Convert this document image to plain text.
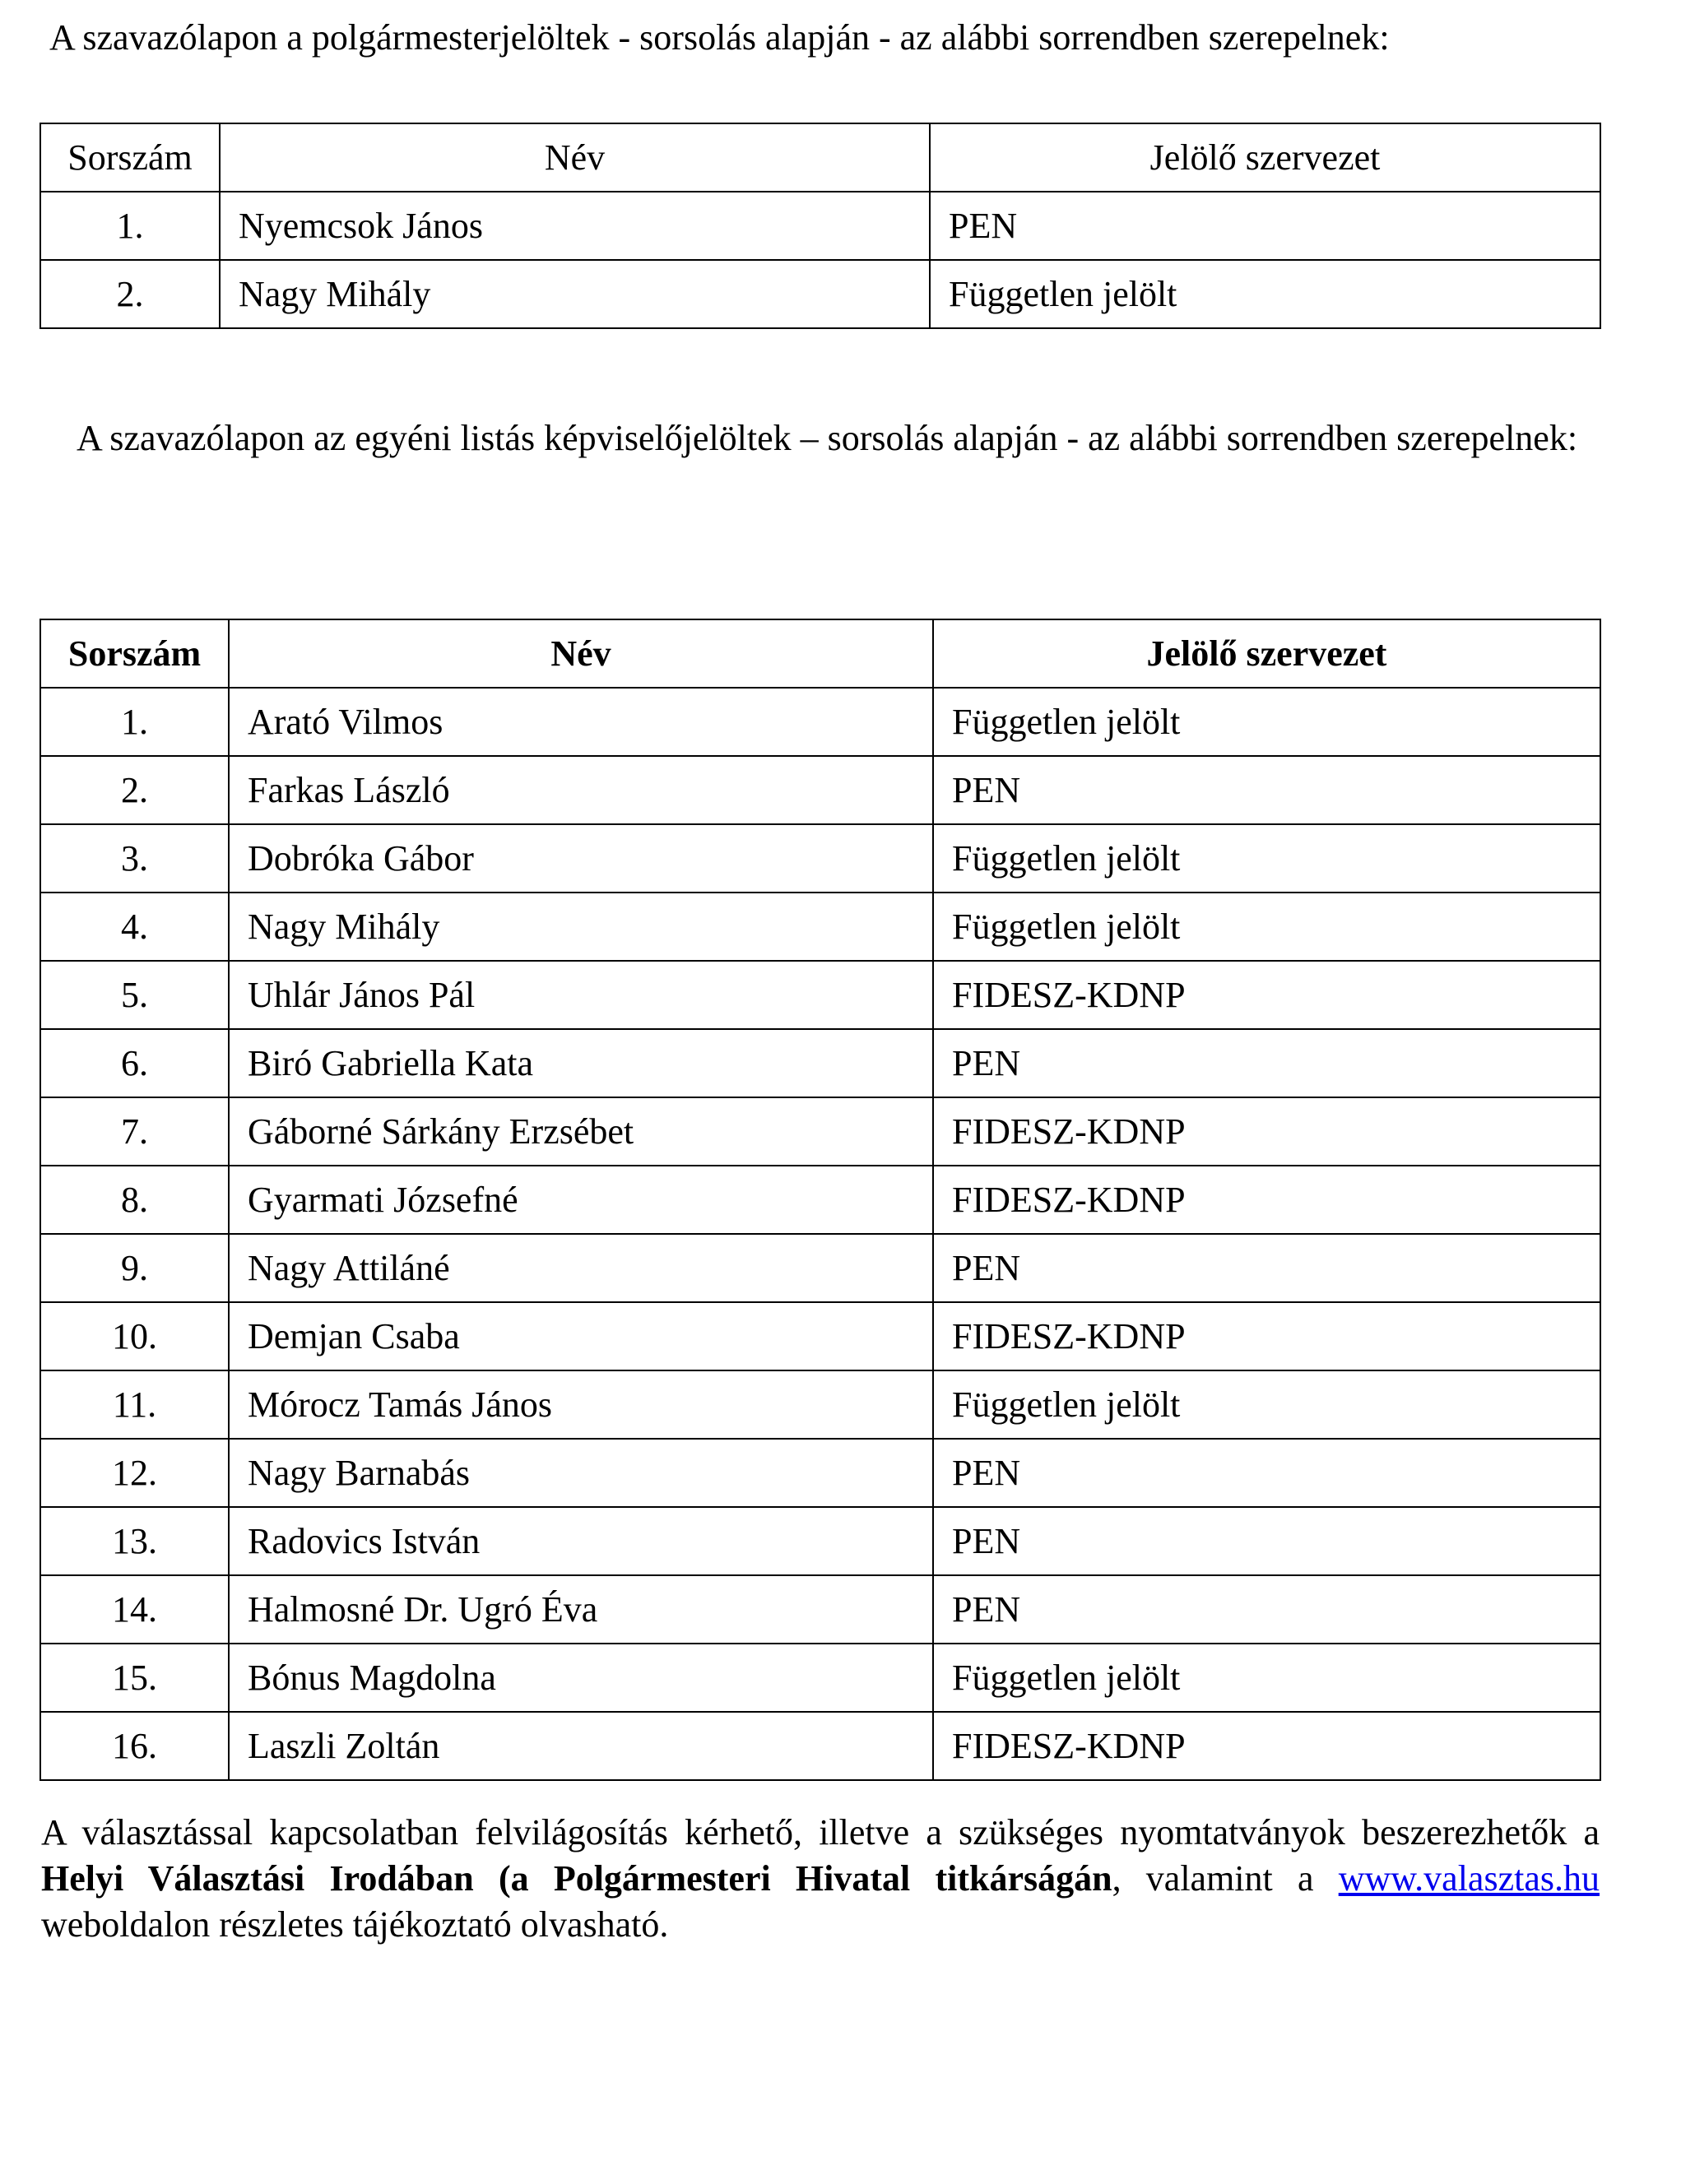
A szavazólapon a polgármesterjelöltek - sorsolás alapján - az alábbi sorrendben szerepelnek:

Sorszám	Név	Jelölő szervezet
1.	Nyemcsok János	PEN
2.	Nagy Mihály	Független jelölt

A szavazólapon az egyéni listás képviselőjelöltek – sorsolás alapján - az alábbi sorrendben szerepelnek:

Sorszám	Név	Jelölő szervezet
1.	Arató Vilmos	Független jelölt
2.	Farkas László	PEN
3.	Dobróka Gábor	Független jelölt
4.	Nagy Mihály	Független jelölt
5.	Uhlár János Pál	FIDESZ-KDNP
6.	Biró Gabriella Kata	PEN
7.	Gáborné Sárkány Erzsébet	FIDESZ-KDNP
8.	Gyarmati Józsefné	FIDESZ-KDNP
9.	Nagy Attiláné	PEN
10.	Demjan Csaba	FIDESZ-KDNP
11.	Mórocz Tamás János	Független jelölt
12.	Nagy Barnabás	PEN
13.	Radovics István	PEN
14.	Halmosné Dr. Ugró Éva	PEN
15.	Bónus Magdolna	Független jelölt
16.	Laszli Zoltán	FIDESZ-KDNP

A választással kapcsolatban felvilágosítás kérhető, illetve a szükséges nyomtatványok beszerezhetők a Helyi Választási Irodában (a Polgármesteri Hivatal titkárságán, valamint a www.valasztas.hu weboldalon részletes tájékoztató olvasható.
